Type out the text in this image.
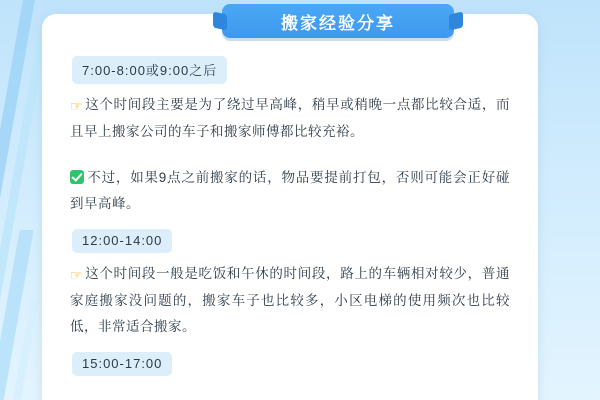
搬家经验分享
7:00-8:00或9:00之后
☞ 这个时间段主要是为了绕过早高峰，稍早或稍晚一点都比较合适，而且早上搬家公司的车子和搬家师傅都比较充裕。
不过，如果9点之前搬家的话，物品要提前打包，否则可能会正好碰到早高峰。
12:00-14:00
☞ 这个时间段一般是吃饭和午休的时间段，路上的车辆相对较少，普通家庭搬家没问题的，搬家车子也比较多，小区电梯的使用频次也比较低，非常适合搬家。
15:00-17:00
